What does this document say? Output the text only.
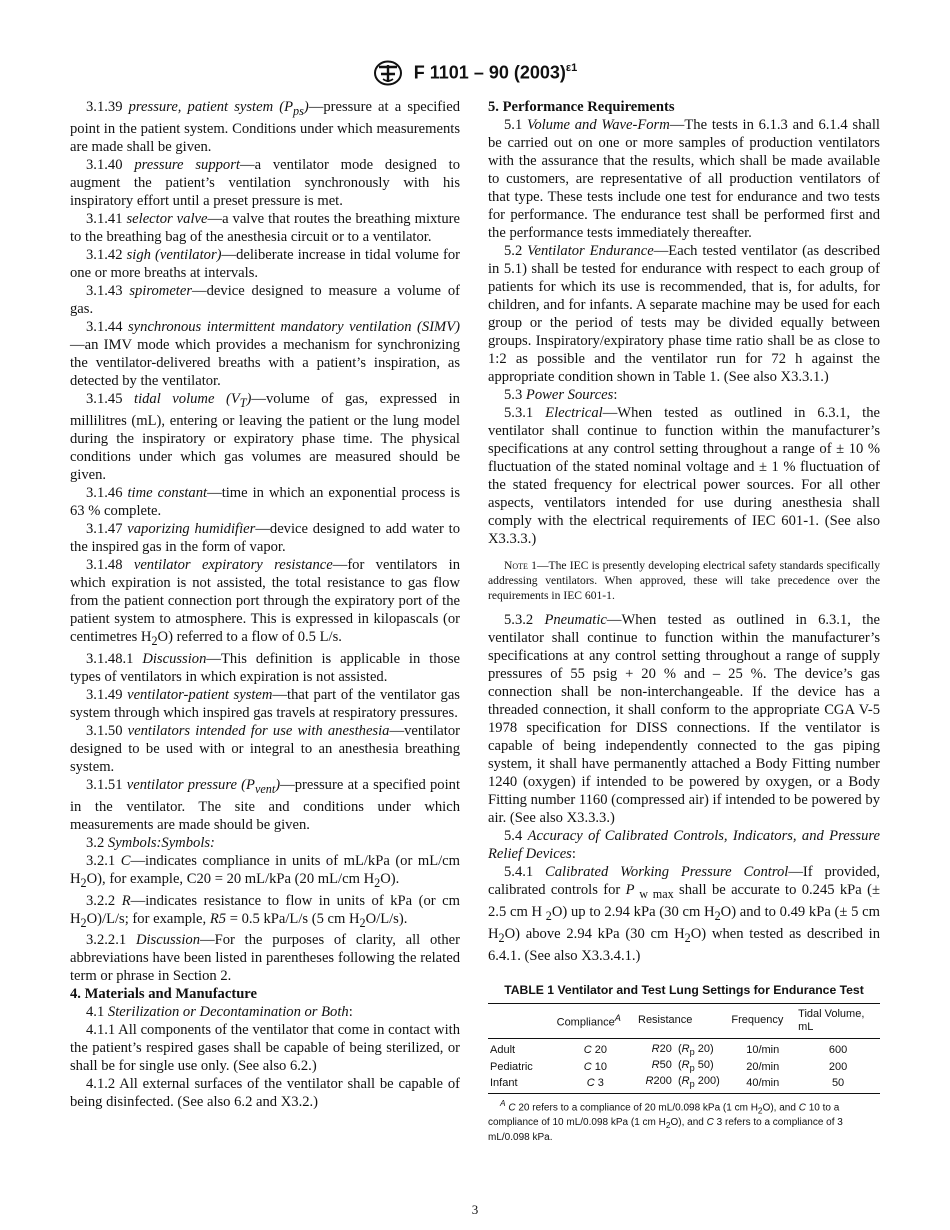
F 1101 – 90 $(2003)^{\varepsilon 1}$

3.1.39 pressure, patient system $(P_{ps})—pressure$ at a specified point in the patient system. Conditions under which measurements are made shall be given.

3.1.40 pressure support—a ventilator mode designed to augment the patient’s ventilation synchronously with his inspiratory effort until a preset pressure is met.

3.1.41 selector valve—a valve that routes the breathing mixture to the breathing bag of the anesthesia circuit or to a ventilator.

3.1.42 sigh (ventilator)—deliberate increase in tidal volume for one or more breaths at intervals.

3.1.43 spirometer—device designed to measure a volume of gas.

3.1.44 synchronous intermittent mandatory ventilation (SIMV)—an IMV mode which provides a mechanism for synchronizing the ventilator-delivered breaths with a patient’s inspiration, as detected by the ventilator.

3.1.45 tidal volume $(V_T)—volume$ of gas, expressed in millilitres (mL), entering or leaving the patient or the lung model during the inspiratory or expiratory phase time. The physical conditions under which gas volumes are measured should be given.

3.1.46 time constant—time in which an exponential process is 63 % complete.

3.1.47 vaporizing humidifier—device designed to add water to the inspired gas in the form of vapor.

3.1.48 ventilator expiratory resistance—for ventilators in which expiration is not assisted, the total resistance to gas flow from the patient connection port through the expiratory port of the patient system to atmosphere. This is expressed in kilopascals (or centimetres $H_2O$) referred to a flow of 0.5 L/s.

3.1.48.1 Discussion—This definition is applicable in those types of ventilators in which expiration is not assisted.

3.1.49 ventilator-patient system—that part of the ventilator gas system through which inspired gas travels at respiratory pressures.

3.1.50 ventilators intended for use with anesthesia—ventilator designed to be used with or integral to an anesthesia breathing system.

3.1.51 ventilator pressure $(P_{vent})—pressure$ at a specified point in the ventilator. The site and conditions under which measurements are made should be given.

3.2 Symbols:Symbols:

3.2.1 C—indicates compliance in units of mL/kPa (or mL/cm $H_2O$), for example, C20 = 20 mL/kPa (20 mL/cm $H_2O$).

3.2.2 R—indicates resistance to flow in units of kPa (or cm $H_2O)/L/s$; for example, R5 = 0.5 kPa/L/s (5 cm $H_2O/L/s$).

3.2.2.1 Discussion—For the purposes of clarity, all other abbreviations have been listed in parentheses following the related term or phrase in Section 2.

4. Materials and Manufacture

4.1 Sterilization or Decontamination or Both:

4.1.1 All components of the ventilator that come in contact with the patient’s respired gases shall be capable of being sterilized, or shall be for single use only. (See also 6.2.)

4.1.2 All external surfaces of the ventilator shall be capable of being disinfected. (See also 6.2 and X3.2.)

5. Performance Requirements

5.1 Volume and Wave-Form—The tests in 6.1.3 and 6.1.4 shall be carried out on one or more samples of production ventilators with the assurance that the results, which shall be made available to customers, are representative of all production ventilators of that type. These tests include one test for endurance and two tests for performance. The endurance test shall be performed first and the performance tests immediately thereafter.

5.2 Ventilator Endurance—Each tested ventilator (as described in 5.1) shall be tested for endurance with respect to each group of patients for which its use is recommended, that is, for adults, for children, and for infants. A separate machine may be used for each group or the period of tests may be divided equally between groups. Inspiratory/expiratory phase time ratio shall be as close to 1:2 as possible and the ventilator run for 72 h against the appropriate condition shown in Table 1. (See also X3.3.1.)

5.3 Power Sources:

5.3.1 Electrical—When tested as outlined in 6.3.1, the ventilator shall continue to function within the manufacturer’s specifications at any control setting throughout a range of ± 10 % fluctuation of the stated nominal voltage and ± 1 % fluctuation of the stated frequency for electrical power sources. For all other aspects, ventilators intended for use during anesthesia shall comply with the electrical requirements of IEC 601-1. (See also X3.3.3.)

Note 1—The IEC is presently developing electrical safety standards specifically addressing ventilators. When approved, these will take precedence over the requirements in IEC 601-1.

5.3.2 Pneumatic—When tested as outlined in 6.3.1, the ventilator shall continue to function within the manufacturer’s specifications at any control setting throughout a range of supply pressures of 55 psig + 20 % and – 25 %. The device’s gas connection shall be non-interchangeable. If the device has a threaded connection, it shall conform to the appropriate CGA V-5 1978 specification for DISS connections. If the ventilator is capable of being independently connected to the gas piping system, it shall have permanently attached a Body Fitting number 1240 (oxygen) if intended to be powered by oxygen, or a Body Fitting number 1160 (compressed air) if intended to be powered by air. (See also X3.3.3.)

5.4 Accuracy of Calibrated Controls, Indicators, and Pressure Relief Devices:

5.4.1 Calibrated Working Pressure Control—If provided, calibrated controls for P $_{w max}$ shall be accurate to 0.245 kPa (± 2.5 cm H $_2$O) up to 2.94 kPa (30 cm $H_2O$) and to 0.49 kPa (± 5 cm $H_2O$) above 2.94 kPa (30 cm $H_2O$) when tested as described in 6.4.1. (See also X3.3.4.1.)

TABLE 1 Ventilator and Test Lung Settings for Endurance Test
	Compliance$^A$	Resistance	Frequency	Tidal Volume,
mL
Adult	C 20	R20 ($R_p$ 20)	10/min	600
Pediatric	C 10	R50 ($R_p$ 50)	20/min	200
Infant	C 3	R200 ($R_p$ 200)	40/min	50
$^A$ C 20 refers to a compliance of 20 mL/0.098 kPa (1 cm $H_2O$), and C 10 to a compliance of 10 mL/0.098 kPa (1 cm $H_2O$), and C 3 refers to a compliance of 3 mL/0.098 kPa.
3
